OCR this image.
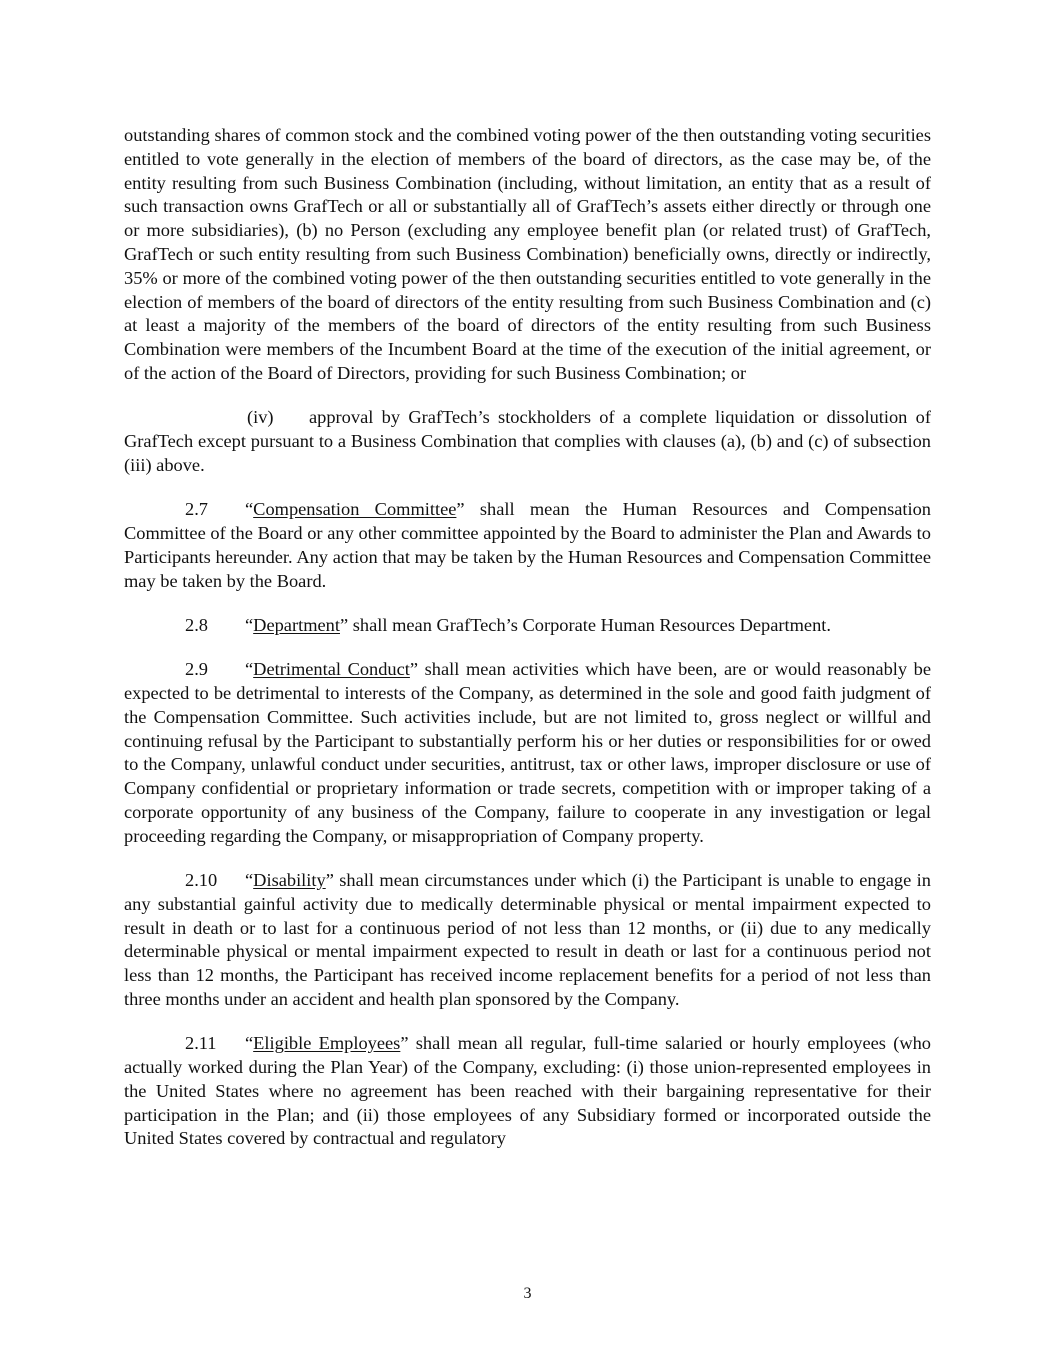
outstanding shares of common stock and the combined voting power of the then outstanding voting securities entitled to vote generally in the election of members of the board of directors, as the case may be, of the entity resulting from such Business Combination (including, without limitation, an entity that as a result of such transaction owns GrafTech or all or substantially all of GrafTech’s assets either directly or through one or more subsidiaries), (b) no Person (excluding any employee benefit plan (or related trust) of GrafTech, GrafTech or such entity resulting from such Business Combination) beneficially owns, directly or indirectly, 35% or more of the combined voting power of the then outstanding securities entitled to vote generally in the election of members of the board of directors of the entity resulting from such Business Combination and (c) at least a majority of the members of the board of directors of the entity resulting from such Business Combination were members of the Incumbent Board at the time of the execution of the initial agreement, or of the action of the Board of Directors, providing for such Business Combination; or

(iv) approval by GrafTech’s stockholders of a complete liquidation or dissolution of GrafTech except pursuant to a Business Combination that complies with clauses (a), (b) and (c) of subsection (iii) above.

2.7 “Compensation Committee” shall mean the Human Resources and Compensation Committee of the Board or any other committee appointed by the Board to administer the Plan and Awards to Participants hereunder. Any action that may be taken by the Human Resources and Compensation Committee may be taken by the Board.

2.8 “Department” shall mean GrafTech’s Corporate Human Resources Department.

2.9 “Detrimental Conduct” shall mean activities which have been, are or would reasonably be expected to be detrimental to interests of the Company, as determined in the sole and good faith judgment of the Compensation Committee. Such activities include, but are not limited to, gross neglect or willful and continuing refusal by the Participant to substantially perform his or her duties or responsibilities for or owed to the Company, unlawful conduct under securities, antitrust, tax or other laws, improper disclosure or use of Company confidential or proprietary information or trade secrets, competition with or improper taking of a corporate opportunity of any business of the Company, failure to cooperate in any investigation or legal proceeding regarding the Company, or misappropriation of Company property.

2.10 “Disability” shall mean circumstances under which (i) the Participant is unable to engage in any substantial gainful activity due to medically determinable physical or mental impairment expected to result in death or to last for a continuous period of not less than 12 months, or (ii) due to any medically determinable physical or mental impairment expected to result in death or last for a continuous period not less than 12 months, the Participant has received income replacement benefits for a period of not less than three months under an accident and health plan sponsored by the Company.

2.11 “Eligible Employees” shall mean all regular, full-time salaried or hourly employees (who actually worked during the Plan Year) of the Company, excluding: (i) those union-represented employees in the United States where no agreement has been reached with their bargaining representative for their participation in the Plan; and (ii) those employees of any Subsidiary formed or incorporated outside the United States covered by contractual and regulatory

3
